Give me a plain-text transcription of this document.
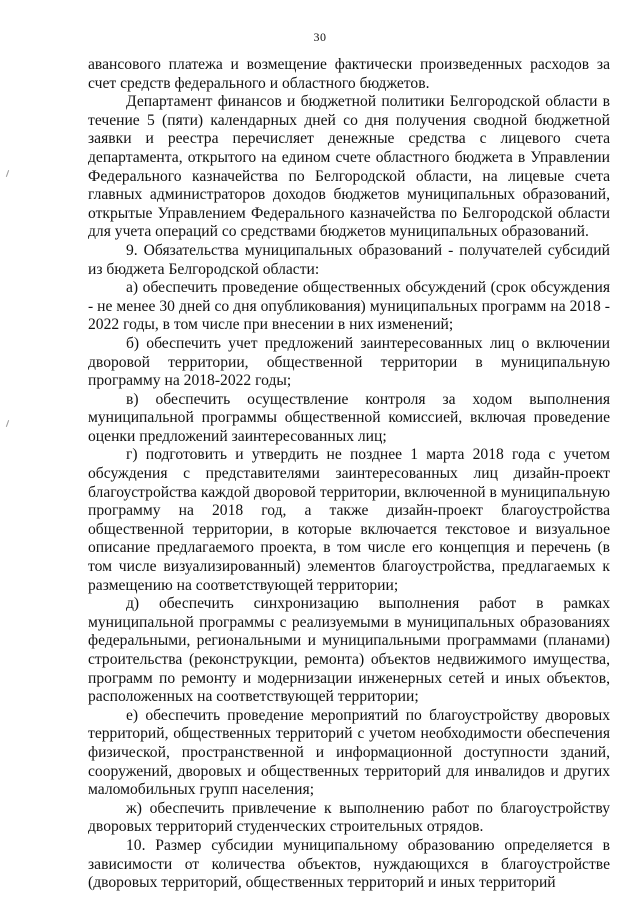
30

авансового платежа и возмещение фактически произведенных расходов за счет средств федерального и областного бюджетов.

Департамент финансов и бюджетной политики Белгородской области в течение 5 (пяти) календарных дней со дня получения сводной бюджетной заявки и реестра перечисляет денежные средства с лицевого счета департамента, открытого на едином счете областного бюджета в Управлении Федерального казначейства по Белгородской области, на лицевые счета главных администраторов доходов бюджетов муниципальных образований, открытые Управлением Федерального казначейства по Белгородской области для учета операций со средствами бюджетов муниципальных образований.

9. Обязательства муниципальных образований - получателей субсидий из бюджета Белгородской области:

а) обеспечить проведение общественных обсуждений (срок обсуждения - не менее 30 дней со дня опубликования) муниципальных программ на 2018 - 2022 годы, в том числе при внесении в них изменений;

б) обеспечить учет предложений заинтересованных лиц о включении дворовой территории, общественной территории в муниципальную программу на 2018-2022 годы;

в) обеспечить осуществление контроля за ходом выполнения муниципальной программы общественной комиссией, включая проведение оценки предложений заинтересованных лиц;

г) подготовить и утвердить не позднее 1 марта 2018 года с учетом обсуждения с представителями заинтересованных лиц дизайн-проект благоустройства каждой дворовой территории, включенной в муниципальную программу на 2018 год, а также дизайн-проект благоустройства общественной территории, в которые включается текстовое и визуальное описание предлагаемого проекта, в том числе его концепция и перечень (в том числе визуализированный) элементов благоустройства, предлагаемых к размещению на соответствующей территории;

д) обеспечить синхронизацию выполнения работ в рамках муниципальной программы с реализуемыми в муниципальных образованиях федеральными, региональными и муниципальными программами (планами) строительства (реконструкции, ремонта) объектов недвижимого имущества, программ по ремонту и модернизации инженерных сетей и иных объектов, расположенных на соответствующей территории;

е) обеспечить проведение мероприятий по благоустройству дворовых территорий, общественных территорий с учетом необходимости обеспечения физической, пространственной и информационной доступности зданий, сооружений, дворовых и общественных территорий для инвалидов и других маломобильных групп населения;

ж) обеспечить привлечение к выполнению работ по благоустройству дворовых территорий студенческих строительных отрядов.

10. Размер субсидии муниципальному образованию определяется в зависимости от количества объектов, нуждающихся в благоустройстве (дворовых территорий, общественных территорий и иных территорий
